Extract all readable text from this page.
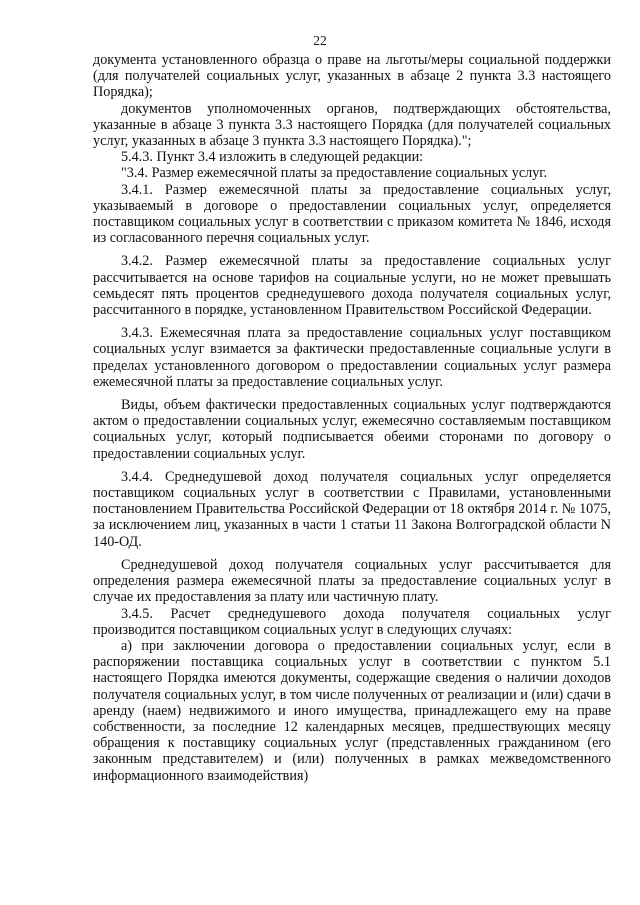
22

документа установленного образца о праве на льготы/меры социальной поддержки (для получателей социальных услуг, указанных в абзаце 2 пункта 3.3 настоящего Порядка);

документов уполномоченных органов, подтверждающих обстоятельства, указанные в абзаце 3 пункта 3.3 настоящего Порядка (для получателей социальных услуг, указанных в абзаце 3 пункта 3.3 настоящего Порядка).";

5.4.3. Пункт 3.4 изложить в следующей редакции:

"3.4. Размер ежемесячной платы за предоставление социальных услуг.

3.4.1. Размер ежемесячной платы за предоставление социальных услуг, указываемый в договоре о предоставлении социальных услуг, определяется поставщиком социальных услуг в соответствии с приказом комитета № 1846, исходя из согласованного перечня социальных услуг.

3.4.2. Размер ежемесячной платы за предоставление социальных услуг рассчитывается на основе тарифов на социальные услуги, но не может превышать семьдесят пять процентов среднедушевого дохода получателя социальных услуг, рассчитанного в порядке, установленном Правительством Российской Федерации.

3.4.3. Ежемесячная плата за предоставление социальных услуг поставщиком социальных услуг взимается за фактически предоставленные социальные услуги в пределах установленного договором о предоставлении социальных услуг размера ежемесячной платы за предоставление социальных услуг.

Виды, объем фактически предоставленных социальных услуг подтверждаются актом о предоставлении социальных услуг, ежемесячно составляемым поставщиком социальных услуг, который подписывается обеими сторонами по договору о предоставлении социальных услуг.

3.4.4. Среднедушевой доход получателя социальных услуг определяется поставщиком социальных услуг в соответствии с Правилами, установленными постановлением Правительства Российской Федерации от 18 октября 2014 г. № 1075, за исключением лиц, указанных в части 1 статьи 11 Закона Волгоградской области N 140-ОД.

Среднедушевой доход получателя социальных услуг рассчитывается для определения размера ежемесячной платы за предоставление социальных услуг в случае их предоставления за плату или частичную плату.

3.4.5. Расчет среднедушевого дохода получателя социальных услуг производится поставщиком социальных услуг в следующих случаях:

а) при заключении договора о предоставлении социальных услуг, если в распоряжении поставщика социальных услуг в соответствии с пунктом 5.1 настоящего Порядка имеются документы, содержащие сведения о наличии доходов получателя социальных услуг, в том числе полученных от реализации и (или) сдачи в аренду (наем) недвижимого и иного имущества, принадлежащего ему на праве собственности, за последние 12 календарных месяцев, предшествующих месяцу обращения к поставщику социальных услуг (представленных гражданином (его законным представителем) и (или) полученных в рамках межведомственного информационного взаимодействия)
